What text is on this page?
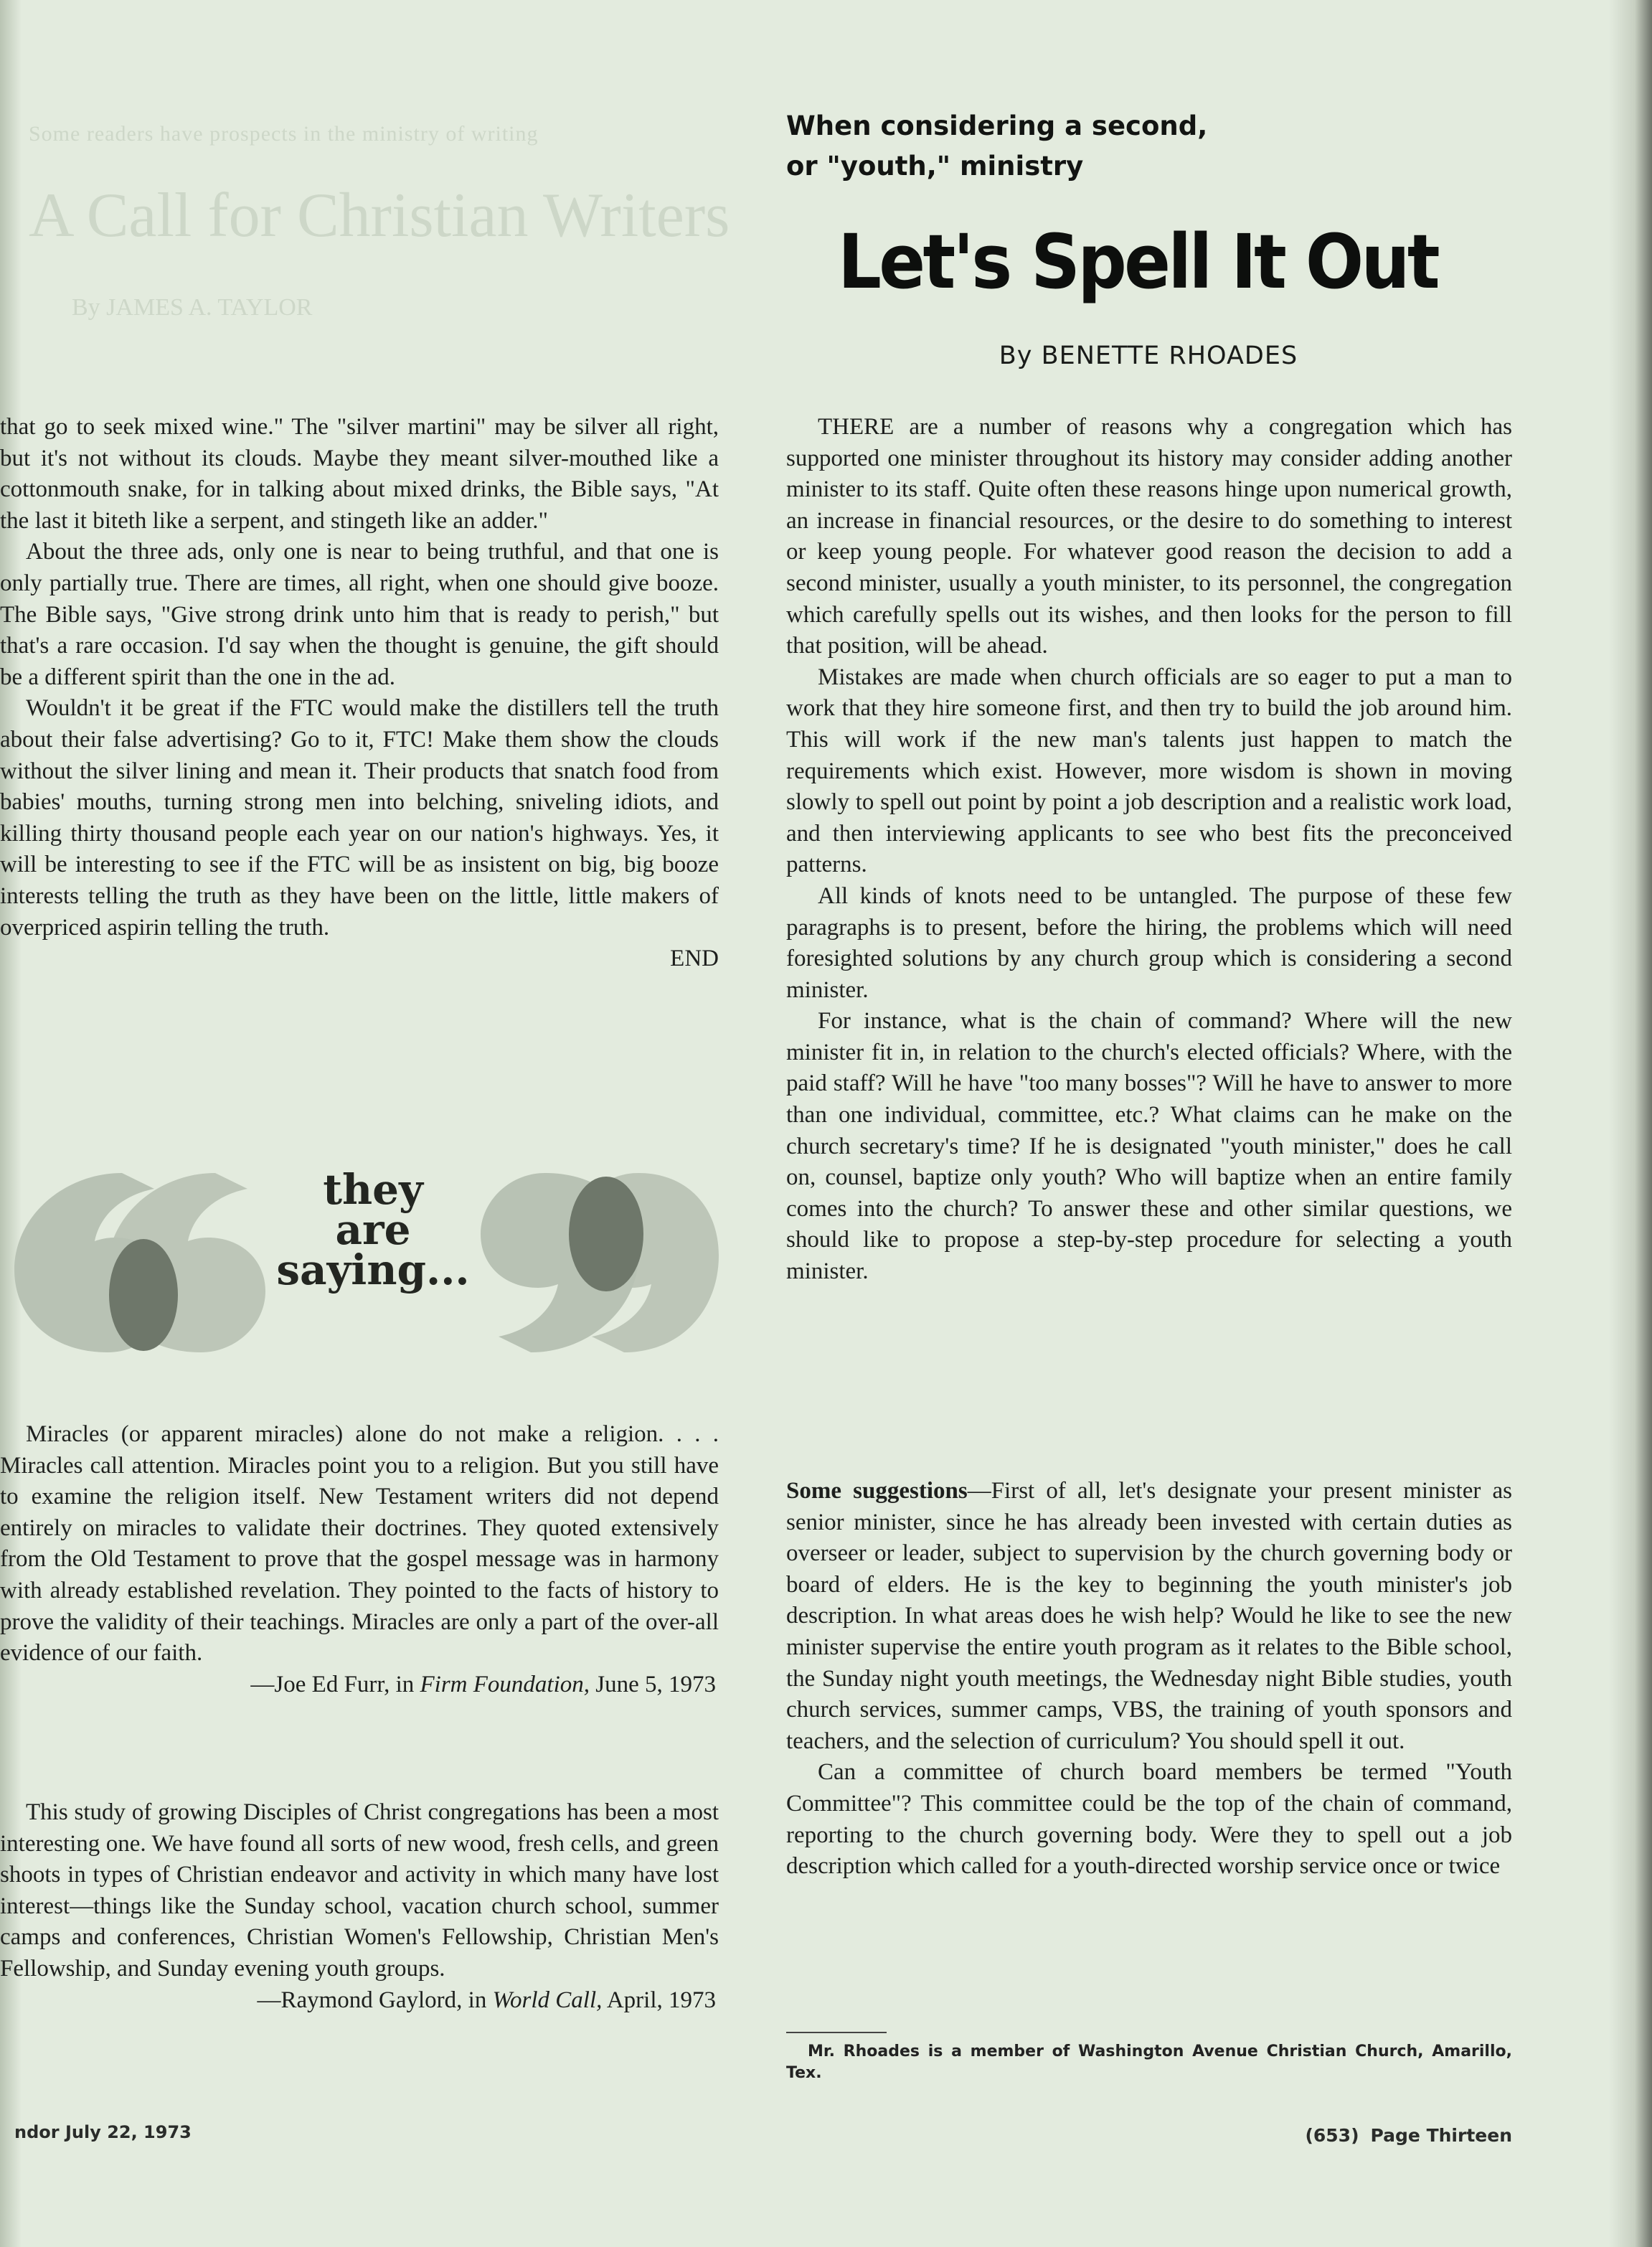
Some readers have prospects in the ministry of writing
A Call for Christian Writers
By JAMES A. TAYLOR

that go to seek mixed wine." The "silver martini" may be silver all right, but it's not without its clouds. Maybe they meant silver-mouthed like a cottonmouth snake, for in talking about mixed drinks, the Bible says, "At the last it biteth like a serpent, and stingeth like an adder."

About the three ads, only one is near to being truthful, and that one is only partially true. There are times, all right, when one should give booze. The Bible says, "Give strong drink unto him that is ready to perish," but that's a rare occasion. I'd say when the thought is genuine, the gift should be a different spirit than the one in the ad.

Wouldn't it be great if the FTC would make the distillers tell the truth about their false advertising? Go to it, FTC! Make them show the clouds without the silver lining and mean it. Their products that snatch food from babies' mouths, turning strong men into belching, sniveling idiots, and killing thirty thousand people each year on our nation's highways. Yes, it will be interesting to see if the FTC will be as insistent on big, big booze interests telling the truth as they have been on the little, little makers of overpriced aspirin telling the truth.

END

they
are
saying...

Miracles (or apparent miracles) alone do not make a religion. . . . Miracles call attention. Miracles point you to a religion. But you still have to examine the religion itself. New Testament writers did not depend entirely on miracles to validate their doctrines. They quoted extensively from the Old Testament to prove that the gospel message was in harmony with already established revelation. They pointed to the facts of history to prove the validity of their teachings. Miracles are only a part of the over-all evidence of our faith.

—Joe Ed Furr, in Firm Foundation, June 5, 1973

This study of growing Disciples of Christ congregations has been a most interesting one. We have found all sorts of new wood, fresh cells, and green shoots in types of Christian endeavor and activity in which many have lost interest—things like the Sunday school, vacation church school, summer camps and conferences, Christian Women's Fellowship, Christian Men's Fellowship, and Sunday evening youth groups.

—Raymond Gaylord, in World Call, April, 1973

When considering a second,
or "youth," ministry
Let's Spell It Out
By BENETTE RHOADES

THERE are a number of reasons why a congregation which has supported one minister throughout its history may consider adding another minister to its staff. Quite often these reasons hinge upon numerical growth, an increase in financial resources, or the desire to do something to interest or keep young people. For whatever good reason the decision to add a second minister, usually a youth minister, to its personnel, the congregation which carefully spells out its wishes, and then looks for the person to fill that position, will be ahead.

Mistakes are made when church officials are so eager to put a man to work that they hire someone first, and then try to build the job around him. This will work if the new man's talents just happen to match the requirements which exist. However, more wisdom is shown in moving slowly to spell out point by point a job description and a realistic work load, and then interviewing applicants to see who best fits the preconceived patterns.

All kinds of knots need to be untangled. The purpose of these few paragraphs is to present, before the hiring, the problems which will need foresighted solutions by any church group which is considering a second minister.

For instance, what is the chain of command? Where will the new minister fit in, in relation to the church's elected officials? Where, with the paid staff? Will he have "too many bosses"? Will he have to answer to more than one individual, committee, etc.? What claims can he make on the church secretary's time? If he is designated "youth minister," does he call on, counsel, baptize only youth? Who will baptize when an entire family comes into the church? To answer these and other similar questions, we should like to propose a step-by-step procedure for selecting a youth minister.

Some suggestions—First of all, let's designate your present minister as senior minister, since he has already been invested with certain duties as overseer or leader, subject to supervision by the church governing body or board of elders. He is the key to beginning the youth minister's job description. In what areas does he wish help? Would he like to see the new minister supervise the entire youth program as it relates to the Bible school, the Sunday night youth meetings, the Wednesday night Bible studies, youth church services, summer camps, VBS, the training of youth sponsors and teachers, and the selection of curriculum? You should spell it out.

Can a committee of church board members be termed "Youth Committee"? This committee could be the top of the chain of command, reporting to the church governing body. Were they to spell out a job description which called for a youth-directed worship service once or twice

Mr. Rhoades is a member of Washington Avenue Christian Church, Amarillo, Tex.
ndor July 22, 1973	(653) Page Thirteen
